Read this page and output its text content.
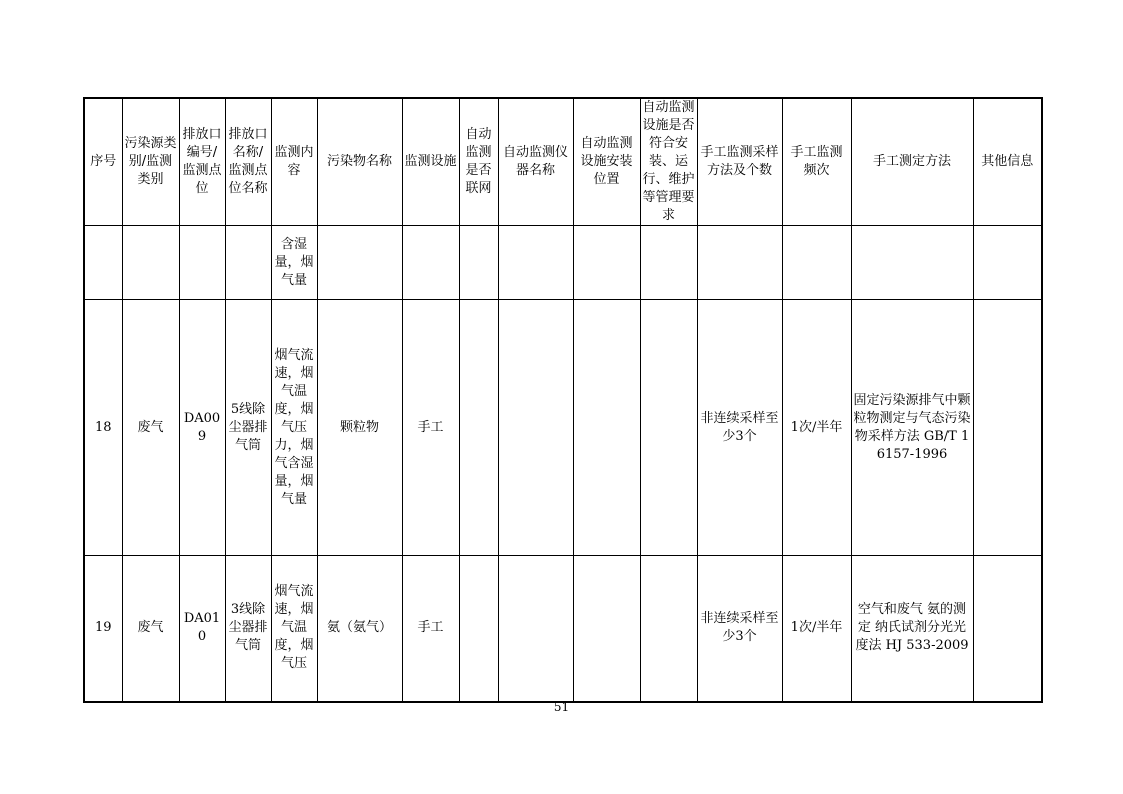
序号	污染源类别/监测类别	排放口编号/监测点位	排放口名称/监测点位名称	监测内容	污染物名称	监测设施	自动监测是否联网	自动监测仪器名称	自动监测设施安装位置	自动监测设施是否符合安装、运行、维护等管理要求	手工监测采样方法及个数	手工监测频次	手工测定方法	其他信息
				含湿量，烟气量										
18	废气	DA009	5线除尘器排气筒	烟气流速，烟气温度，烟气压力，烟气含湿量，烟气量	颗粒物	手工					非连续采样至少3个	1次/半年	固定污染源排气中颗粒物测定与气态污染物采样方法 GB/T 16157-1996	
19	废气	DA010	3线除尘器排气筒	烟气流速，烟气温度，烟气压	氨（氨气）	手工					非连续采样至少3个	1次/半年	空气和废气 氨的测定 纳氏试剂分光光度法 HJ 533-2009	
51
